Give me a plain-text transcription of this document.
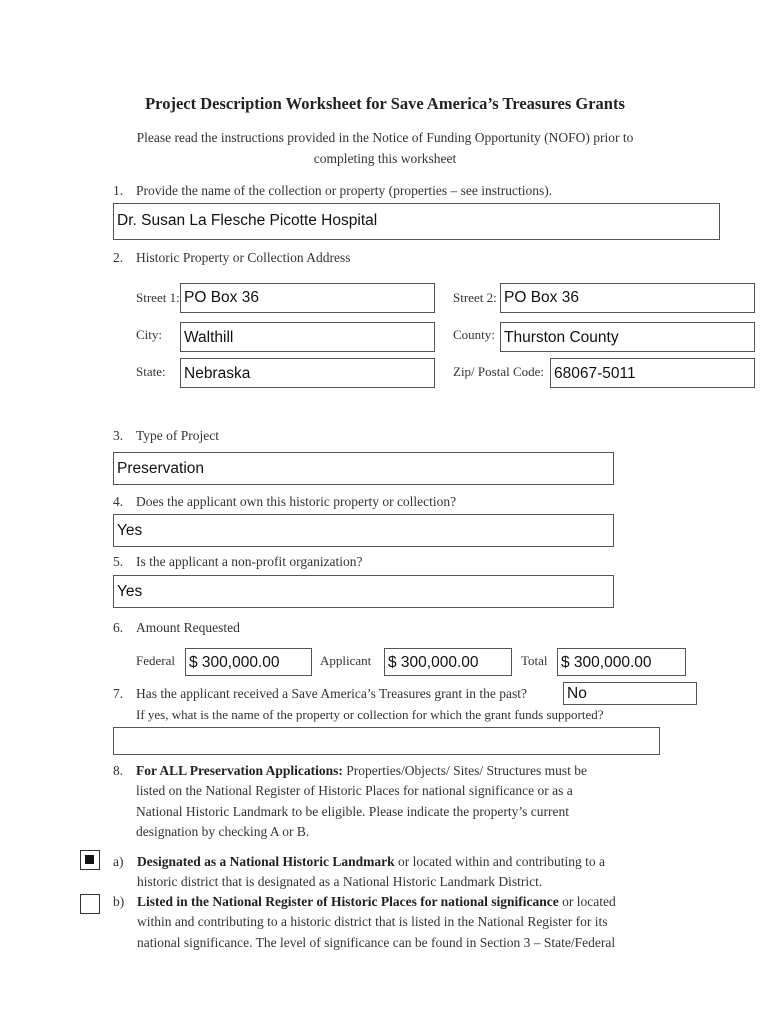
Project Description Worksheet for Save America’s Treasures Grants
Please read the instructions provided in the Notice of Funding Opportunity (NOFO) prior to
completing this worksheet
1. Provide the name of the collection or property (properties – see instructions).
Dr. Susan La Flesche Picotte Hospital
2. Historic Property or Collection Address
Street 1: PO Box 36	Street 2: PO Box 36
City: Walthill	County: Thurston County
State: Nebraska	Zip/ Postal Code: 68067-5011
3. Type of Project
Preservation
4. Does the applicant own this historic property or collection?
Yes
5. Is the applicant a non-profit organization?
Yes
6. Amount Requested
Federal $ 300,000.00	Applicant $ 300,000.00	Total $ 300,000.00
7. Has the applicant received a Save America’s Treasures grant in the past?	No
If yes, what is the name of the property or collection for which the grant funds supported?
8. For ALL Preservation Applications: Properties/Objects/ Sites/ Structures must be
listed on the National Register of Historic Places for national significance or as a
National Historic Landmark to be eligible. Please indicate the property’s current
designation by checking A or B.
a) Designated as a National Historic Landmark or located within and contributing to a
historic district that is designated as a National Historic Landmark District.
b) Listed in the National Register of Historic Places for national significance or located
within and contributing to a historic district that is listed in the National Register for its
national significance. The level of significance can be found in Section 3 – State/Federal
